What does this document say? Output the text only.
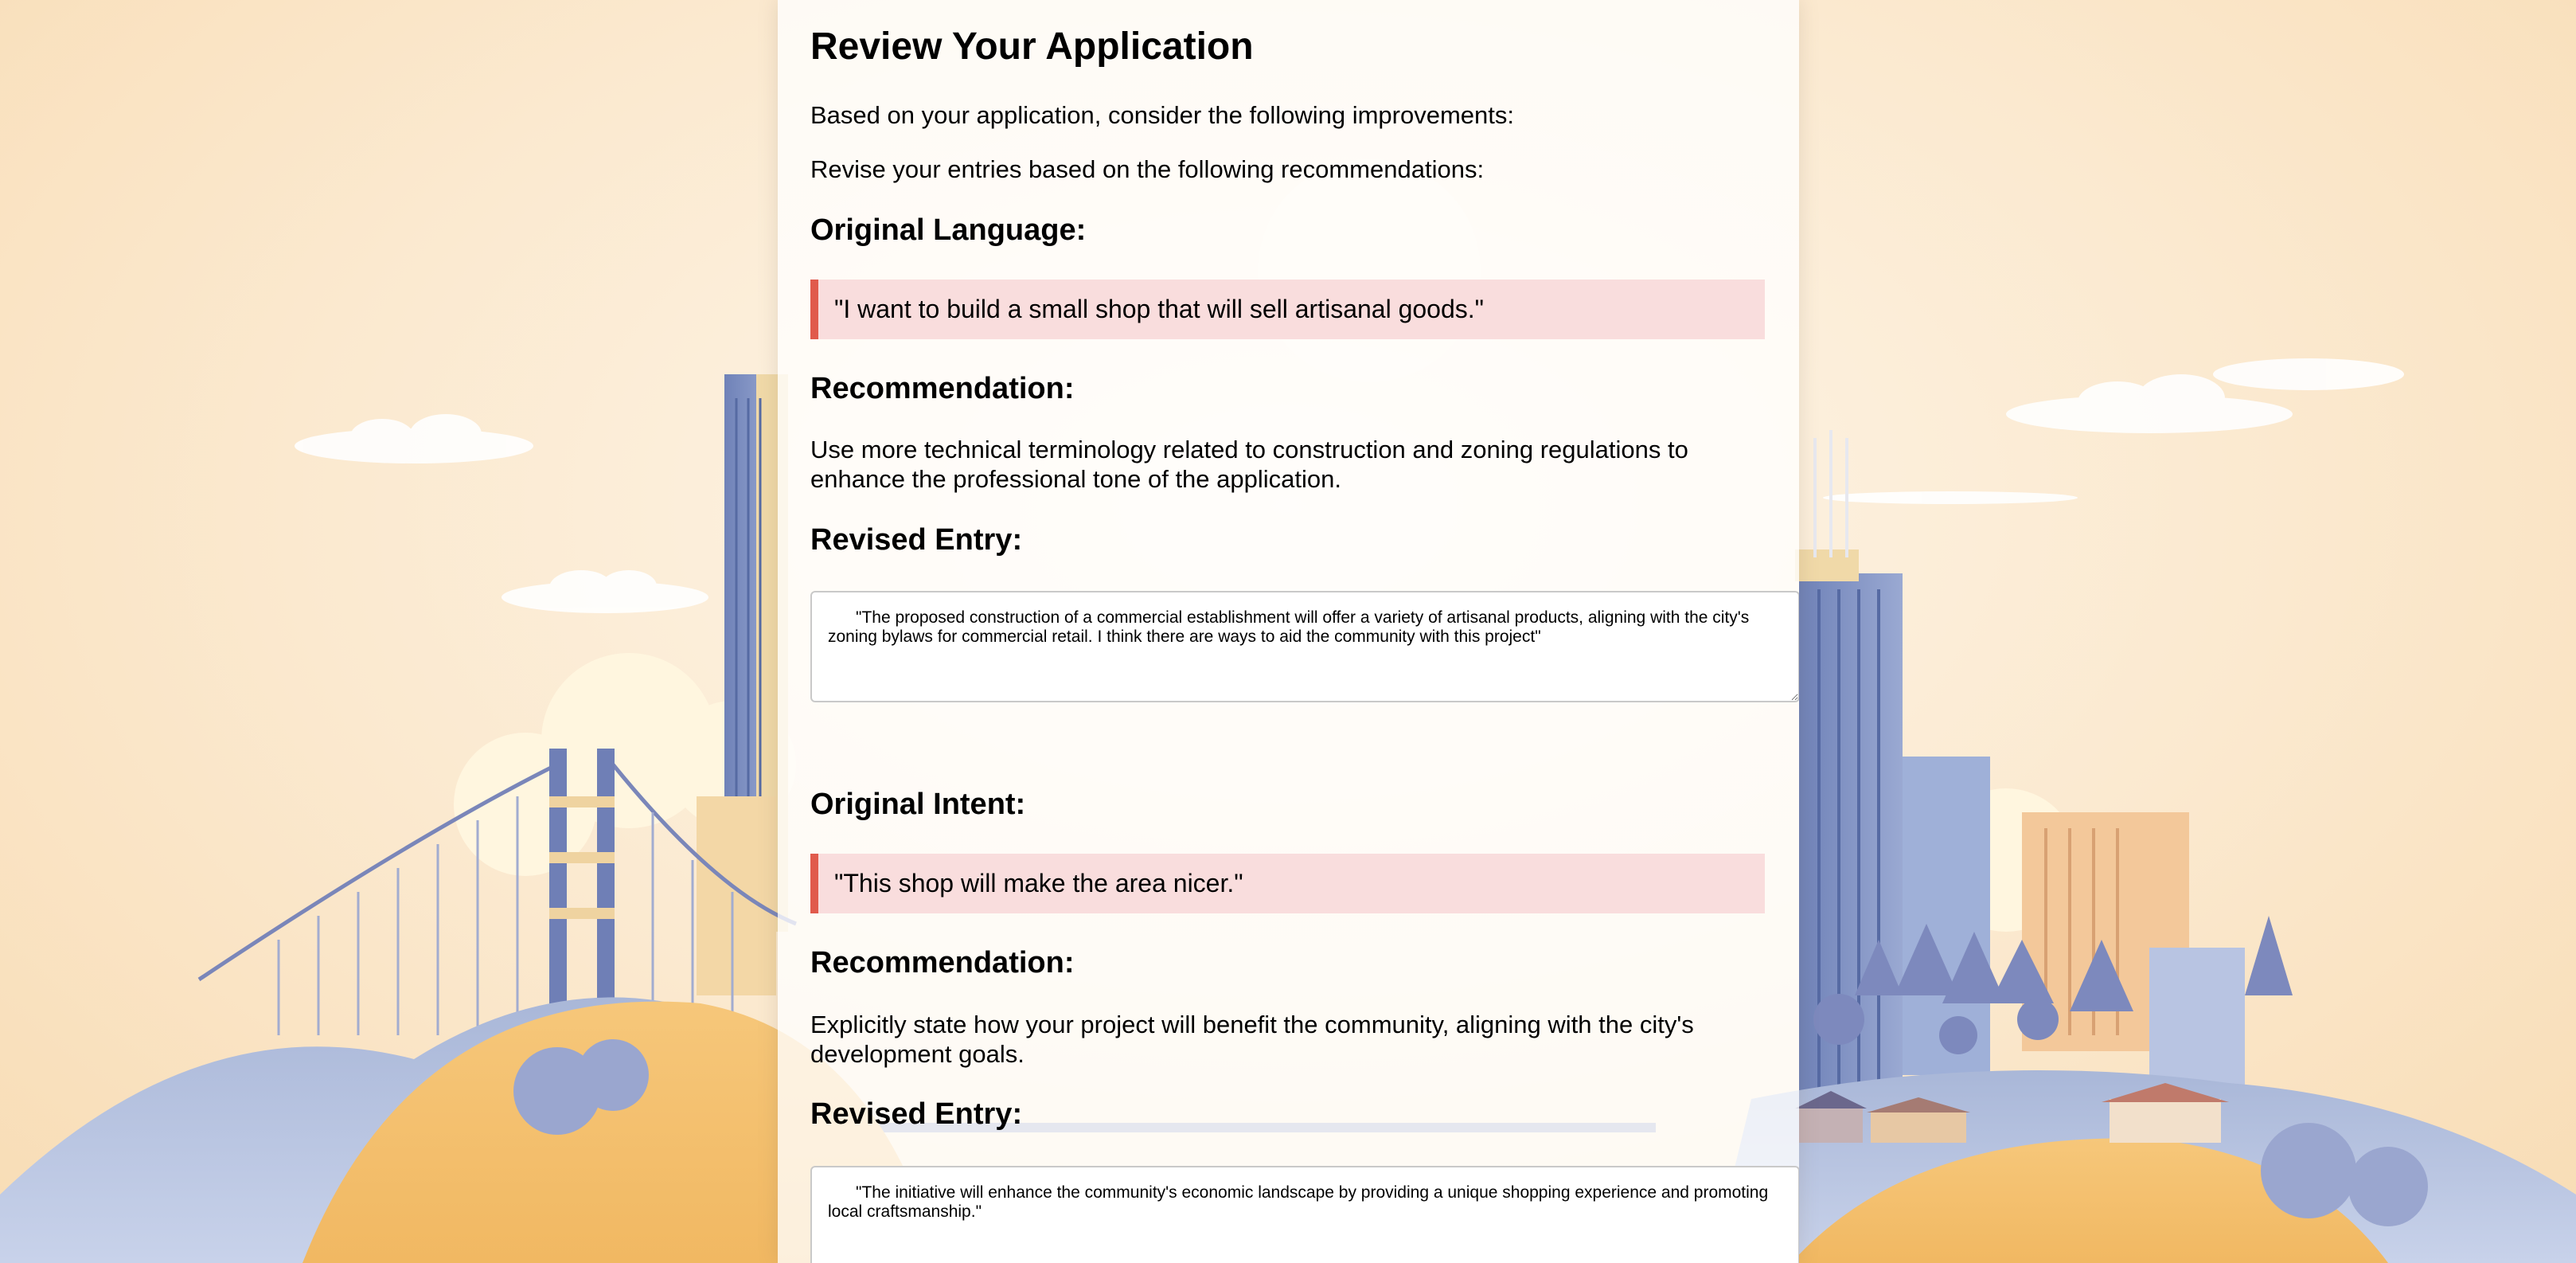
Review Your Application

Based on your application, consider the following improvements:

Revise your entries based on the following recommendations:

Original Language:
"I want to build a small shop that will sell artisanal goods."
Recommendation:

Use more technical terminology related to construction and zoning regulations to enhance the professional tone of the application.

Revised Entry:
"The proposed construction of a commercial establishment will offer a variety of artisanal products, aligning with the city's zoning bylaws for commercial retail. I think there are ways to aid the community with this project"
Original Intent:
"This shop will make the area nicer."
Recommendation:

Explicitly state how your project will benefit the community, aligning with the city's development goals.

Revised Entry:
"The initiative will enhance the community's economic landscape by providing a unique shopping experience and promoting local craftsmanship."
